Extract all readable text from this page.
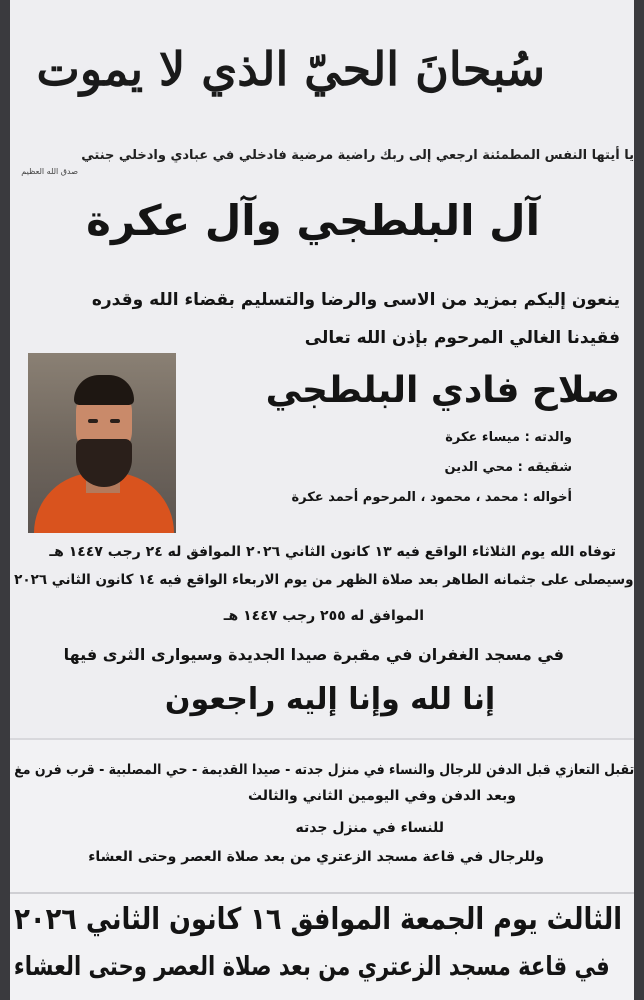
سُبحانَ الحيّ الذي لا يموت
يا أيتها النفس المطمئنة ارجعي إلى ربك راضية مرضية فادخلي في عبادي وادخلي جنتي
صدق الله العظيم
آل البلطجي وآل عكرة
ينعون إليكم بمزيد من الاسى والرضا والتسليم بقضاء الله وقدره
فقيدنا الغالي المرحوم بإذن الله تعالى
صلاح فادي البلطجي
والدته : ميساء عكرة
شقيقه : محي الدين
أخواله : محمد ، محمود ، المرحوم أحمد عكرة
توفاه الله يوم الثلاثاء الواقع فيه ١٣ كانون الثاني ٢٠٢٦ الموافق له ٢٤ رجب ١٤٤٧ هـ
وسيصلى على جثمانه الطاهر بعد صلاة الظهر من يوم الاربعاء الواقع فيه ١٤ كانون الثاني ٢٠٢٦
الموافق له ٢٥٥ رجب ١٤٤٧ هـ
في مسجد الغفران في مقبرة صيدا الجديدة وسيوارى الثرى فيها
إنا لله وإنا إليه راجعون
تقبل التعازي قبل الدفن للرجال والنساء في منزل جدته - صيدا القديمة - حي المصلبية - قرب فرن مغ
وبعد الدفن وفي اليومين الثاني والثالث
للنساء في منزل جدته
وللرجال في قاعة مسجد الزعتري من بعد صلاة العصر وحتى العشاء
الثالث يوم الجمعة الموافق ١٦ كانون الثاني ٢٠٢٦
في قاعة مسجد الزعتري من بعد صلاة العصر وحتى العشاء
